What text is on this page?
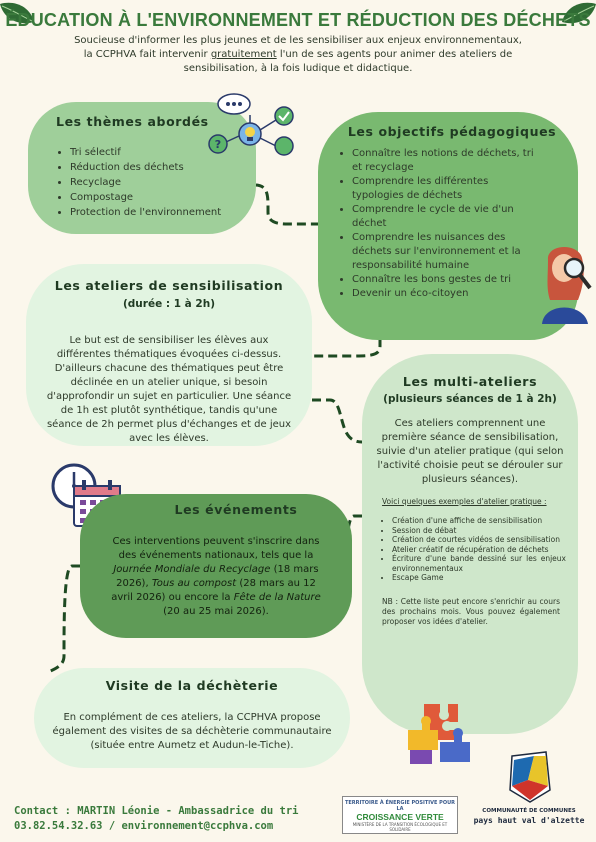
ÉDUCATION À L'ENVIRONNEMENT ET RÉDUCTION DES DÉCHETS
Soucieuse d'informer les plus jeunes et de les sensibiliser aux enjeux environnementaux,
la CCPHVA fait intervenir gratuitement l'un de ses agents pour animer des ateliers de
sensibilisation, à la fois ludique et didactique.
Les thèmes abordés
• Tri sélectif
• Réduction des déchets
• Recyclage
• Compostage
• Protection de l'environnement
?
Les objectifs pédagogiques
• Connaître les notions de déchets, tri et recyclage
• Comprendre les différentes typologies de déchets
• Comprendre le cycle de vie d'un déchet
• Comprendre les nuisances des déchets sur l'environnement et la responsabilité humaine
• Connaître les bons gestes de tri
• Devenir un éco-citoyen
Les ateliers de sensibilisation
(durée : 1 à 2h)

Le but est de sensibiliser les élèves aux différentes thématiques évoquées ci-dessus. D'ailleurs chacune des thématiques peut être déclinée en un atelier unique, si besoin d'approfondir un sujet en particulier. Une séance de 1h est plutôt synthétique, tandis qu'une séance de 2h permet plus d'échanges et de jeux avec les élèves.

Les multi-ateliers
(plusieurs séances de 1 à 2h)

Ces ateliers comprennent une première séance de sensibilisation, suivie d'un atelier pratique (qui selon l'activité choisie peut se dérouler sur plusieurs séances).

Voici quelques exemples d'atelier pratique :
• Création d'une affiche de sensibilisation
• Session de débat
• Création de courtes vidéos de sensibilisation
• Atelier créatif de récupération de déchets
• Écriture d'une bande dessiné sur les enjeux environnementaux
• Escape Game
NB : Cette liste peut encore s'enrichir au cours des prochains mois. Vous pouvez également proposer vos idées d'atelier.
Les événements

Ces interventions peuvent s'inscrire dans des événements nationaux, tels que la Journée Mondiale du Recyclage (18 mars 2026), Tous au compost (28 mars au 12 avril 2026) ou encore la Fête de la Nature (20 au 25 mai 2026).

Visite de la déchèterie

En complément de ces ateliers, la CCPHVA propose également des visites de sa déchèterie communautaire (située entre Aumetz et Audun-le-Tiche).

Contact : MARTIN Léonie - Ambassadrice du tri
03.82.54.32.63 / environnement@ccphva.com
TERRITOIRE À ÉNERGIE POSITIVE POUR LA
CROISSANCE VERTE
MINISTÈRE DE LA TRANSITION ÉCOLOGIQUE ET SOLIDAIRE
COMMUNAUTÉ DE COMMUNES
pays haut val d'alzette
